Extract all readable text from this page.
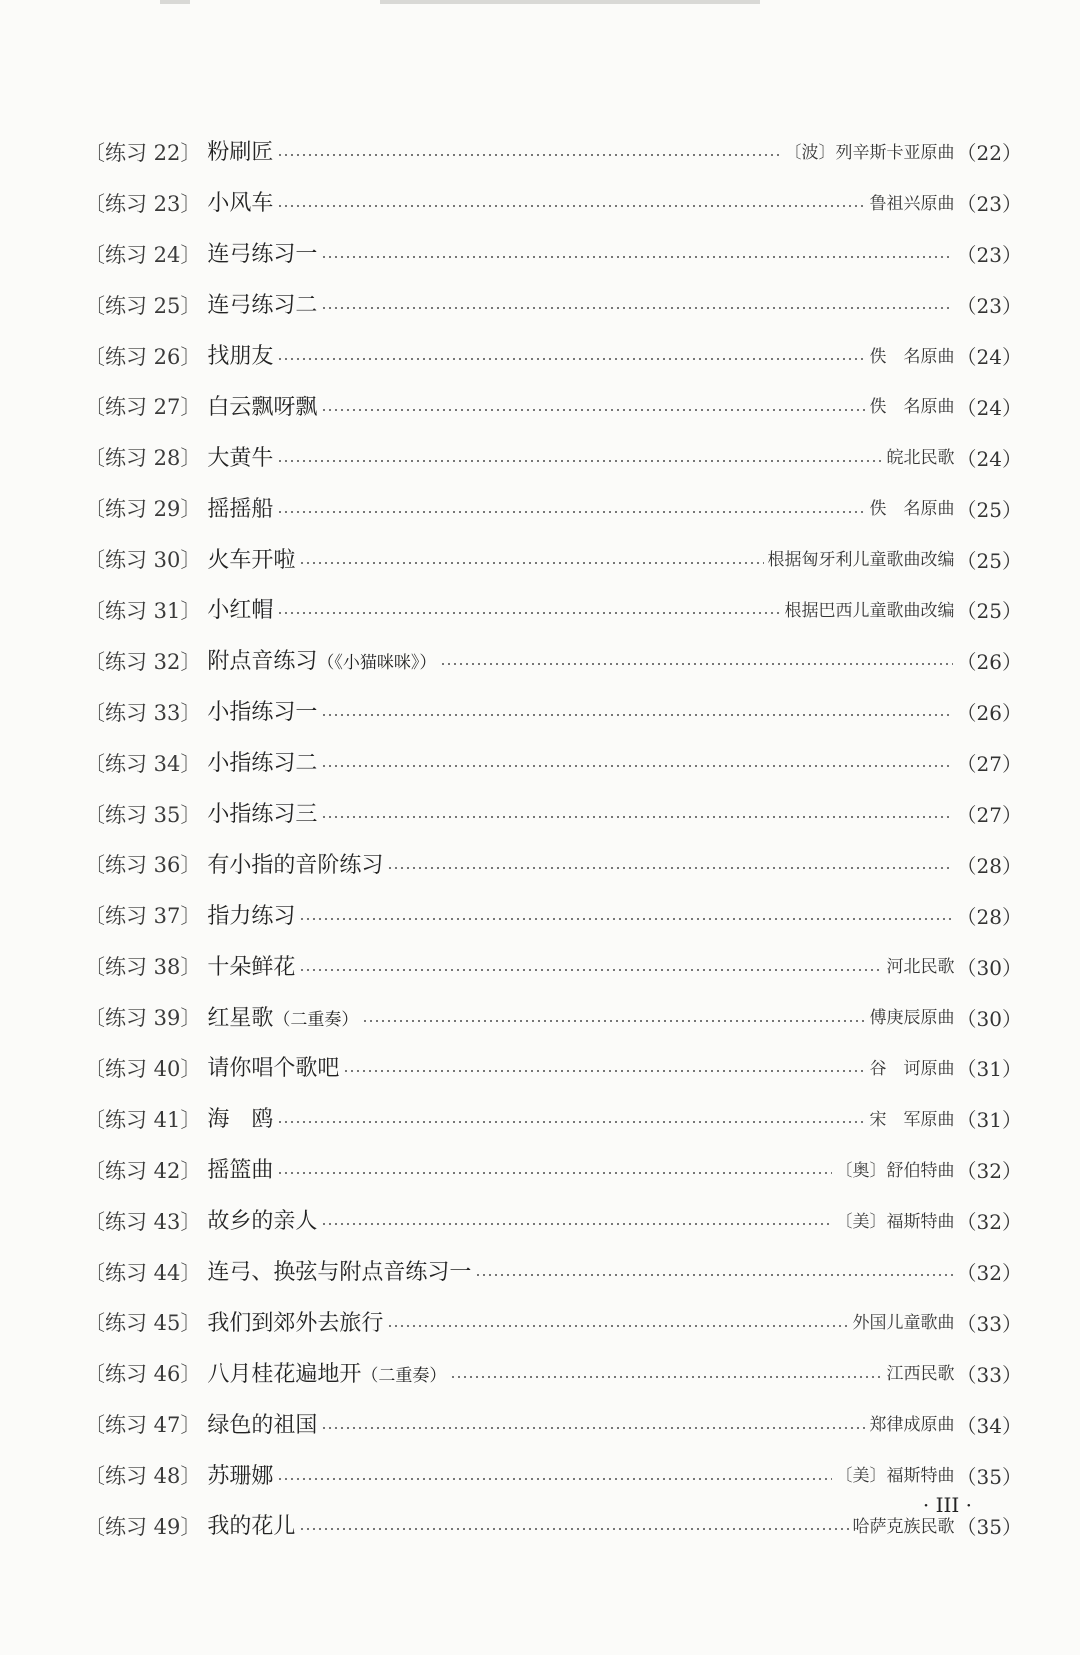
〔练习 22〕 粉刷匠	〔波〕列辛斯卡亚原曲 （22）
〔练习 23〕 小风车	鲁祖兴原曲 （23）
〔练习 24〕 连弓练习一	（23）
〔练习 25〕 连弓练习二	（23）
〔练习 26〕 找朋友	佚　名原曲 （24）
〔练习 27〕 白云飘呀飘	佚　名原曲 （24）
〔练习 28〕 大黄牛	皖北民歌 （24）
〔练习 29〕 摇摇船	佚　名原曲 （25）
〔练习 30〕 火车开啦	根据匈牙利儿童歌曲改编 （25）
〔练习 31〕 小红帽	根据巴西儿童歌曲改编 （25）
〔练习 32〕 附点音练习（《小猫咪咪》）	（26）
〔练习 33〕 小指练习一	（26）
〔练习 34〕 小指练习二	（27）
〔练习 35〕 小指练习三	（27）
〔练习 36〕 有小指的音阶练习	（28）
〔练习 37〕 指力练习	（28）
〔练习 38〕 十朵鲜花	河北民歌 （30）
〔练习 39〕 红星歌（二重奏）	傅庚辰原曲 （30）
〔练习 40〕 请你唱个歌吧	谷　诃原曲 （31）
〔练习 41〕 海　鸥	宋　军原曲 （31）
〔练习 42〕 摇篮曲	〔奥〕舒伯特曲 （32）
〔练习 43〕 故乡的亲人	〔美〕福斯特曲 （32）
〔练习 44〕 连弓、换弦与附点音练习一	（32）
〔练习 45〕 我们到郊外去旅行	外国儿童歌曲 （33）
〔练习 46〕 八月桂花遍地开（二重奏）	江西民歌 （33）
〔练习 47〕 绿色的祖国	郑律成原曲 （34）
〔练习 48〕 苏珊娜	〔美〕福斯特曲 （35）
〔练习 49〕 我的花儿	哈萨克族民歌 （35）
· III ·
